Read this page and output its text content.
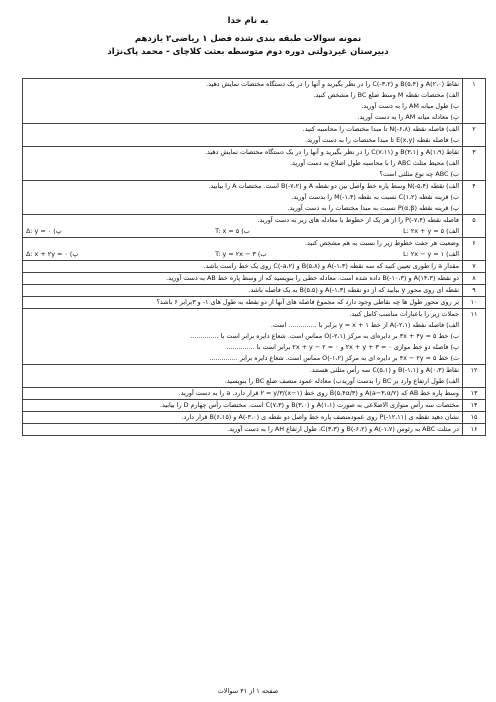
به نام خدا
نمونه سوالات طبقه بندی شده فصل ۱ ریاضی۲ یازدهم
دبیرستان غیردولتی دوره دوم متوسطه بعثت کلاچای - محمد پاک‌نژاد
۱	نقاط (۲،۰)A و (۵،۴)B و (۳،۲-)C را در نظر بگیرید و آنها را در یک دستگاه مختصات نمایش دهید.
الف) مختصات نقطه M وسط ضلع BC را مشخص کنید.
ب) طول میانه AM را به دست آورید.
پ) معادله میانه AM را به دست آورید.

۲	الف) فاصله نقطه (۶،۸-)N تا مبدا مختصات را محاسبه کنید.
ب) فاصله نقطه E(x,y) تا مبدا مختصات را به دست آورید.

۳	نقاط (۱،۹)A و (۳،۱)B و (۷،۱۱)C را در نظر بگیرید و آنها را در یک دستگاه مختصات نمایش دهید.
الف) محیط مثلث ABC را با محاسبه طول اضلاع به دست آورید.
ب) ABC چه نوع مثلثی است؟

۴	الف) نقطه (۵،۴-)N وسط پاره خط واصل بین دو نقطه A و (۷،۲-)B است. مختصات A را بیابید.
ب) قرینه نقطه (۱،۲)C نسبت به نقطه (۱،۴-)M را بدست آورید.
پ) قرینه نقطه P(α,β) نسبت به مبدا مختصات را به دست آورید.

۵	فاصله نقطه (۷،۴-)P را از هر یک از خطوط با معادله های زیر به دست آورید.
الف) L: ۲x + y = ۵
ب) T: x = ۵
پ) Δ: y = ۰

۶	وضعیت هر جفت خطوط زیر را نسبت به هم مشخص کنید.
الف) L: ۲x − y = ۱
ب) T: y = ۲x − ۳
پ) Δ: x + ۲y = ۰

۷	مقدار a را طوری تعیین کنید که سه نقطه (۱،۳-)A و (۵،۸)B و (a،۲-)C روی یک خط راست باشد.

۸	دو نقطه (۱۴،۳)A و (۱۰،۳-)B داده شده است. معادله خطی را بنویسید که از وسط پاره خط AB به دست آورید.

۹	نقطه ای روی محور y بیابید که از دو نقطه (۱،۳-)A و (۵،۵)B به یک فاصله باشد.

۱۰	بر روی محور طول ها چه نقاطی وجود دارد که مجموع فاصله های آنها از دو نقطه به طول های ۱- و ۳برابر ۶ باشد؟

۱۱	جملات زیر را باعبارات مناسب کامل کنید.
الف) فاصله نقطه (۲،۱-)A از خط y = x + ۱ برابر با .............. است.
ب) خط ۳x + ۴y = ۵ بر دایره‌ای به مرکز (۲،۱-)O مماس است. شعاع دایره برابر است با ..............
پ) فاصله دو خط موازی ۲x + y + ۳ = ۰ و ۲x + y − ۲ = ۰ برابر است با ..............
ت) خط ۴x − ۲y = ۵ بر دایره ای به مرکز (۱،۲-)O مماس است. شعاع دایره برابر ..............

۱۲	نقاط (۰،۳)A و (۱،۱-)B و (۵،۱)C سه رأس مثلثی هستند.
الف) طول ارتفاع وارد بر BC را بدست آوریدب) معادله عمود منصف ضلع BC را بنویسید.

۱۳	وسط پاره خط AB که (a−۳،α/۲)A و (۵،۴α/۳)B روی خط (x−۱)/۲ = y/۳ قرار دارد. a را به دست آورید.

۱۴	مختصات سه رأس متوازی الاضلاعی به صورت (۱،۱)A و (۳،۰)B و (۷،۳)C است. مختصات رأس چهارم D را بیابید.

۱۵	نشان دهید نقطه ی (۱۲،۱۱-)P روی عمودمنصف پاره خط واصل دو نقطه ی (۳،۰-)A و (۶،۱۵)B قرار دارد.

۱۶	در مثلث ABC به رئوس (۱،۷-)A و (۶،۲-)B و (۳،۳)C، طول ارتفاع AH را به دست آورید.
صفحه ۱ از ۴۱ سوالات
